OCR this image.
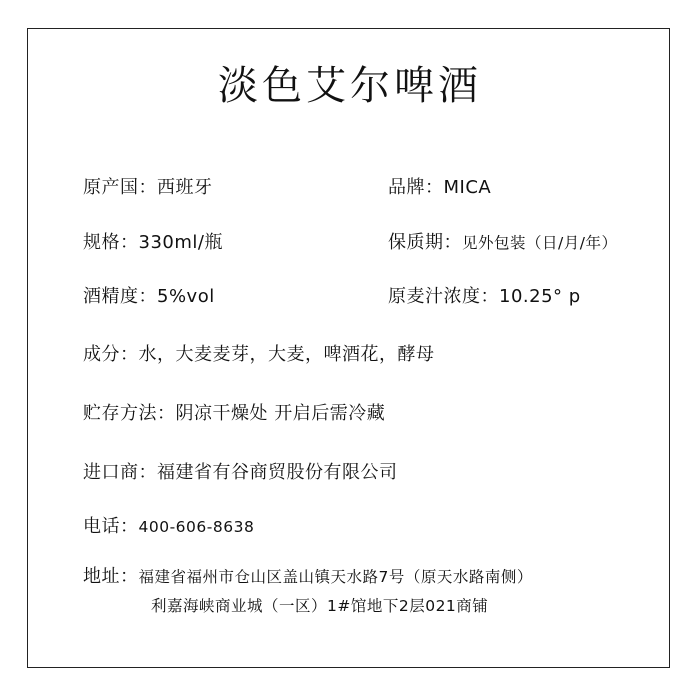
淡色艾尔啤酒
原产国：西班牙	品牌：MICA
规格：330ml/瓶	保质期：见外包装（日/月/年）
酒精度：5%vol	原麦汁浓度：10.25° p
成分：水，大麦麦芽，大麦，啤酒花，酵母
贮存方法：阴凉干燥处 开启后需冷藏
进口商：福建省有谷商贸股份有限公司
电话：400-606-8638
地址：福建省福州市仓山区盖山镇天水路7号（原天水路南侧）
利嘉海峡商业城（一区）1#馆地下2层021商铺
